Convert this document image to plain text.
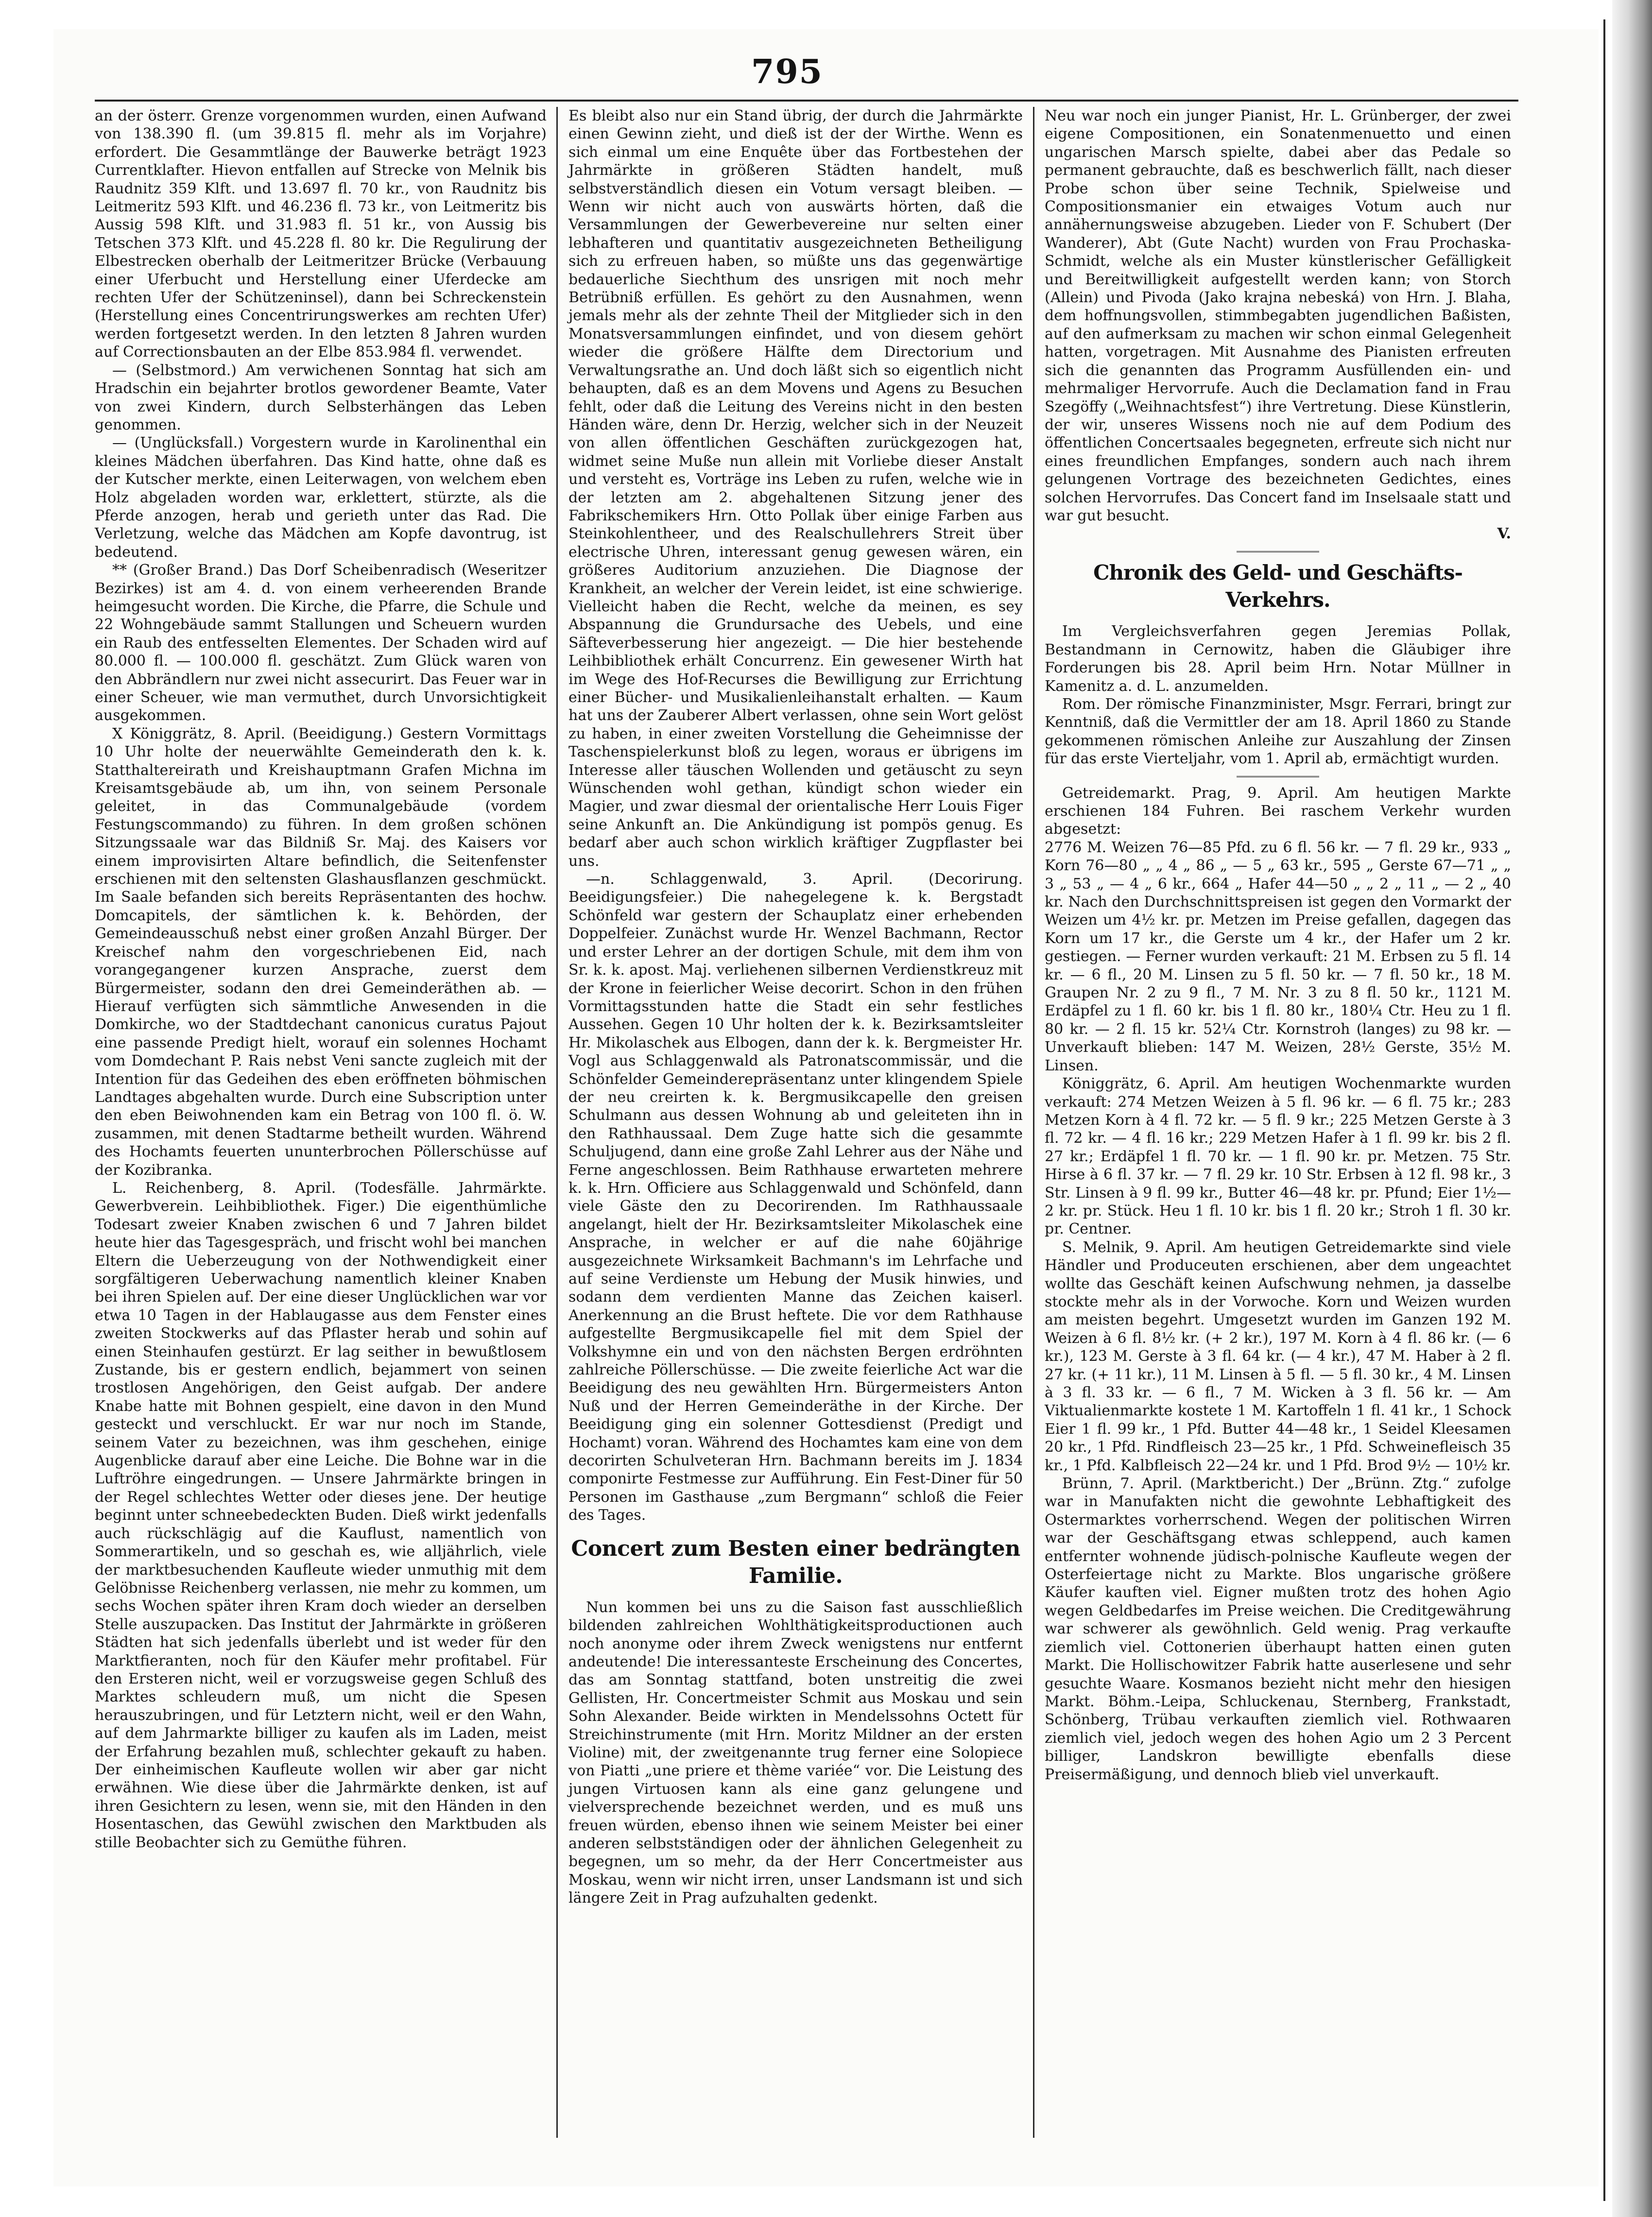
795

an der österr. Grenze vorgenommen wurden, einen Aufwand von 138.390 fl. (um 39.815 fl. mehr als im Vorjahre) erfordert. Die Gesammtlänge der Bauwerke beträgt 1923 Currentklafter. Hievon entfallen auf Strecke von Melnik bis Raudnitz 359 Klft. und 13.697 fl. 70 kr., von Raudnitz bis Leitmeritz 593 Klft. und 46.236 fl. 73 kr., von Leitmeritz bis Aussig 598 Klft. und 31.983 fl. 51 kr., von Aussig bis Tetschen 373 Klft. und 45.228 fl. 80 kr. Die Regulirung der Elbestrecken oberhalb der Leitmeritzer Brücke (Verbauung einer Uferbucht und Herstellung einer Uferdecke am rechten Ufer der Schützeninsel), dann bei Schreckenstein (Herstellung eines Concentrirungswerkes am rechten Ufer) werden fortgesetzt werden. In den letzten 8 Jahren wurden auf Correctionsbauten an der Elbe 853.984 fl. verwendet.

— (Selbstmord.) Am verwichenen Sonntag hat sich am Hradschin ein bejahrter brotlos gewordener Beamte, Vater von zwei Kindern, durch Selbsterhängen das Leben genommen.

— (Unglücksfall.) Vorgestern wurde in Karolinenthal ein kleines Mädchen überfahren. Das Kind hatte, ohne daß es der Kutscher merkte, einen Leiterwagen, von welchem eben Holz abgeladen worden war, erklettert, stürzte, als die Pferde anzogen, herab und gerieth unter das Rad. Die Verletzung, welche das Mädchen am Kopfe davontrug, ist bedeutend.

** (Großer Brand.) Das Dorf Scheibenradisch (Weseritzer Bezirkes) ist am 4. d. von einem verheerenden Brande heimgesucht worden. Die Kirche, die Pfarre, die Schule und 22 Wohngebäude sammt Stallungen und Scheuern wurden ein Raub des entfesselten Elementes. Der Schaden wird auf 80.000 fl. — 100.000 fl. geschätzt. Zum Glück waren von den Abbrändlern nur zwei nicht assecurirt. Das Feuer war in einer Scheuer, wie man vermuthet, durch Unvorsichtigkeit ausgekommen.

X Königgrätz, 8. April. (Beeidigung.) Gestern Vormittags 10 Uhr holte der neuerwählte Gemeinderath den k. k. Statthaltereirath und Kreishauptmann Grafen Michna im Kreisamtsgebäude ab, um ihn, von seinem Personale geleitet, in das Communalgebäude (vordem Festungscommando) zu führen. In dem großen schönen Sitzungssaale war das Bildniß Sr. Maj. des Kaisers vor einem improvisirten Altare befindlich, die Seitenfenster erschienen mit den seltensten Glashausflanzen geschmückt. Im Saale befanden sich bereits Repräsentanten des hochw. Domcapitels, der sämtlichen k. k. Behörden, der Gemeindeausschuß nebst einer großen Anzahl Bürger. Der Kreischef nahm den vorgeschriebenen Eid, nach vorangegangener kurzen Ansprache, zuerst dem Bürgermeister, sodann den drei Gemeinderäthen ab. — Hierauf verfügten sich sämmtliche Anwesenden in die Domkirche, wo der Stadtdechant canonicus curatus Pajout eine passende Predigt hielt, worauf ein solennes Hochamt vom Domdechant P. Rais nebst Veni sancte zugleich mit der Intention für das Gedeihen des eben eröffneten böhmischen Landtages abgehalten wurde. Durch eine Subscription unter den eben Beiwohnenden kam ein Betrag von 100 fl. ö. W. zusammen, mit denen Stadtarme betheilt wurden. Während des Hochamts feuerten ununterbrochen Pöllerschüsse auf der Kozibranka.

L. Reichenberg, 8. April. (Todesfälle. Jahrmärkte. Gewerbverein. Leihbibliothek. Figer.) Die eigenthümliche Todesart zweier Knaben zwischen 6 und 7 Jahren bildet heute hier das Tagesgespräch, und frischt wohl bei manchen Eltern die Ueberzeugung von der Nothwendigkeit einer sorgfältigeren Ueberwachung namentlich kleiner Knaben bei ihren Spielen auf. Der eine dieser Unglücklichen war vor etwa 10 Tagen in der Hablaugasse aus dem Fenster eines zweiten Stockwerks auf das Pflaster herab und sohin auf einen Steinhaufen gestürzt. Er lag seither in bewußtlosem Zustande, bis er gestern endlich, bejammert von seinen trostlosen Angehörigen, den Geist aufgab. Der andere Knabe hatte mit Bohnen gespielt, eine davon in den Mund gesteckt und verschluckt. Er war nur noch im Stande, seinem Vater zu bezeichnen, was ihm geschehen, einige Augenblicke darauf aber eine Leiche. Die Bohne war in die Luftröhre eingedrungen. — Unsere Jahrmärkte bringen in der Regel schlechtes Wetter oder dieses jene. Der heutige beginnt unter schneebedeckten Buden. Dieß wirkt jedenfalls auch rückschlägig auf die Kauflust, namentlich von Sommerartikeln, und so geschah es, wie alljährlich, viele der marktbesuchenden Kaufleute wieder unmuthig mit dem Gelöbnisse Reichenberg verlassen, nie mehr zu kommen, um sechs Wochen später ihren Kram doch wieder an derselben Stelle auszupacken. Das Institut der Jahrmärkte in größeren Städten hat sich jedenfalls überlebt und ist weder für den Marktfieranten, noch für den Käufer mehr profitabel. Für den Ersteren nicht, weil er vorzugsweise gegen Schluß des Marktes schleudern muß, um nicht die Spesen herauszubringen, und für Letztern nicht, weil er den Wahn, auf dem Jahrmarkte billiger zu kaufen als im Laden, meist der Erfahrung bezahlen muß, schlechter gekauft zu haben. Der einheimischen Kaufleute wollen wir aber gar nicht erwähnen. Wie diese über die Jahrmärkte denken, ist auf ihren Gesichtern zu lesen, wenn sie, mit den Händen in den Hosentaschen, das Gewühl zwischen den Marktbuden als stille Beobachter sich zu Gemüthe führen.

Es bleibt also nur ein Stand übrig, der durch die Jahrmärkte einen Gewinn zieht, und dieß ist der der Wirthe. Wenn es sich einmal um eine Enquête über das Fortbestehen der Jahrmärkte in größeren Städten handelt, muß selbstverständlich diesen ein Votum versagt bleiben. — Wenn wir nicht auch von auswärts hörten, daß die Versammlungen der Gewerbevereine nur selten einer lebhafteren und quantitativ ausgezeichneten Betheiligung sich zu erfreuen haben, so müßte uns das gegenwärtige bedauerliche Siechthum des unsrigen mit noch mehr Betrübniß erfüllen. Es gehört zu den Ausnahmen, wenn jemals mehr als der zehnte Theil der Mitglieder sich in den Monatsversammlungen einfindet, und von diesem gehört wieder die größere Hälfte dem Directorium und Verwaltungsrathe an. Und doch läßt sich so eigentlich nicht behaupten, daß es an dem Movens und Agens zu Besuchen fehlt, oder daß die Leitung des Vereins nicht in den besten Händen wäre, denn Dr. Herzig, welcher sich in der Neuzeit von allen öffentlichen Geschäften zurückgezogen hat, widmet seine Muße nun allein mit Vorliebe dieser Anstalt und versteht es, Vorträge ins Leben zu rufen, welche wie in der letzten am 2. abgehaltenen Sitzung jener des Fabrikschemikers Hrn. Otto Pollak über einige Farben aus Steinkohlentheer, und des Realschullehrers Streit über electrische Uhren, interessant genug gewesen wären, ein größeres Auditorium anzuziehen. Die Diagnose der Krankheit, an welcher der Verein leidet, ist eine schwierige. Vielleicht haben die Recht, welche da meinen, es sey Abspannung die Grundursache des Uebels, und eine Säfteverbesserung hier angezeigt. — Die hier bestehende Leihbibliothek erhält Concurrenz. Ein gewesener Wirth hat im Wege des Hof-Recurses die Bewilligung zur Errichtung einer Bücher- und Musikalienleihanstalt erhalten. — Kaum hat uns der Zauberer Albert verlassen, ohne sein Wort gelöst zu haben, in einer zweiten Vorstellung die Geheimnisse der Taschenspielerkunst bloß zu legen, woraus er übrigens im Interesse aller täuschen Wollenden und getäuscht zu seyn Wünschenden wohl gethan, kündigt schon wieder ein Magier, und zwar diesmal der orientalische Herr Louis Figer seine Ankunft an. Die Ankündigung ist pompös genug. Es bedarf aber auch schon wirklich kräftiger Zugpflaster bei uns.

—n. Schlaggenwald, 3. April. (Decorirung. Beeidigungsfeier.) Die nahegelegene k. k. Bergstadt Schönfeld war gestern der Schauplatz einer erhebenden Doppelfeier. Zunächst wurde Hr. Wenzel Bachmann, Rector und erster Lehrer an der dortigen Schule, mit dem ihm von Sr. k. k. apost. Maj. verliehenen silbernen Verdienstkreuz mit der Krone in feierlicher Weise decorirt. Schon in den frühen Vormittagsstunden hatte die Stadt ein sehr festliches Aussehen. Gegen 10 Uhr holten der k. k. Bezirksamtsleiter Hr. Mikolaschek aus Elbogen, dann der k. k. Bergmeister Hr. Vogl aus Schlaggenwald als Patronatscommissär, und die Schönfelder Gemeinderepräsentanz unter klingendem Spiele der neu creirten k. k. Bergmusikcapelle den greisen Schulmann aus dessen Wohnung ab und geleiteten ihn in den Rathhaussaal. Dem Zuge hatte sich die gesammte Schuljugend, dann eine große Zahl Lehrer aus der Nähe und Ferne angeschlossen. Beim Rathhause erwarteten mehrere k. k. Hrn. Officiere aus Schlaggenwald und Schönfeld, dann viele Gäste den zu Decorirenden. Im Rathhaussaale angelangt, hielt der Hr. Bezirksamtsleiter Mikolaschek eine Ansprache, in welcher er auf die nahe 60jährige ausgezeichnete Wirksamkeit Bachmann's im Lehrfache und auf seine Verdienste um Hebung der Musik hinwies, und sodann dem verdienten Manne das Zeichen kaiserl. Anerkennung an die Brust heftete. Die vor dem Rathhause aufgestellte Bergmusikcapelle fiel mit dem Spiel der Volkshymne ein und von den nächsten Bergen erdröhnten zahlreiche Pöllerschüsse. — Die zweite feierliche Act war die Beeidigung des neu gewählten Hrn. Bürgermeisters Anton Nuß und der Herren Gemeinderäthe in der Kirche. Der Beeidigung ging ein solenner Gottesdienst (Predigt und Hochamt) voran. Während des Hochamtes kam eine von dem decorirten Schulveteran Hrn. Bachmann bereits im J. 1834 componirte Festmesse zur Aufführung. Ein Fest-Diner für 50 Personen im Gasthause „zum Bergmann“ schloß die Feier des Tages.

Concert zum Besten einer bedrängten Familie.

Nun kommen bei uns zu die Saison fast ausschließlich bildenden zahlreichen Wohlthätigkeitsproductionen auch noch anonyme oder ihrem Zweck wenigstens nur entfernt andeutende! Die interessanteste Erscheinung des Concertes, das am Sonntag stattfand, boten unstreitig die zwei Gellisten, Hr. Concertmeister Schmit aus Moskau und sein Sohn Alexander. Beide wirkten in Mendelssohns Octett für Streichinstrumente (mit Hrn. Moritz Mildner an der ersten Violine) mit, der zweitgenannte trug ferner eine Solopiece von Piatti „une priere et thème variée“ vor. Die Leistung des jungen Virtuosen kann als eine ganz gelungene und vielversprechende bezeichnet werden, und es muß uns freuen würden, ebenso ihnen wie seinem Meister bei einer anderen selbstständigen oder der ähnlichen Gelegenheit zu begegnen, um so mehr, da der Herr Concertmeister aus Moskau, wenn wir nicht irren, unser Landsmann ist und sich längere Zeit in Prag aufzuhalten gedenkt.

Neu war noch ein junger Pianist, Hr. L. Grünberger, der zwei eigene Compositionen, ein Sonatenmenuetto und einen ungarischen Marsch spielte, dabei aber das Pedale so permanent gebrauchte, daß es beschwerlich fällt, nach dieser Probe schon über seine Technik, Spielweise und Compositionsmanier ein etwaiges Votum auch nur annähernungsweise abzugeben. Lieder von F. Schubert (Der Wanderer), Abt (Gute Nacht) wurden von Frau Prochaska-Schmidt, welche als ein Muster künstlerischer Gefälligkeit und Bereitwilligkeit aufgestellt werden kann; von Storch (Allein) und Pivoda (Jako krajna nebeská) von Hrn. J. Blaha, dem hoffnungsvollen, stimmbegabten jugendlichen Baßisten, auf den aufmerksam zu machen wir schon einmal Gelegenheit hatten, vorgetragen. Mit Ausnahme des Pianisten erfreuten sich die genannten das Programm Ausfüllenden ein- und mehrmaliger Hervorrufe. Auch die Declamation fand in Frau Szegöffy („Weihnachtsfest“) ihre Vertretung. Diese Künstlerin, der wir, unseres Wissens noch nie auf dem Podium des öffentlichen Concertsaales begegneten, erfreute sich nicht nur eines freundlichen Empfanges, sondern auch nach ihrem gelungenen Vortrage des bezeichneten Gedichtes, eines solchen Hervorrufes. Das Concert fand im Inselsaale statt und war gut besucht.

V.

Chronik des Geld- und Geschäfts-Verkehrs.

Im Vergleichsverfahren gegen Jeremias Pollak, Bestandmann in Cernowitz, haben die Gläubiger ihre Forderungen bis 28. April beim Hrn. Notar Müllner in Kamenitz a. d. L. anzumelden.

Rom. Der römische Finanzminister, Msgr. Ferrari, bringt zur Kenntniß, daß die Vermittler der am 18. April 1860 zu Stande gekommenen römischen Anleihe zur Auszahlung der Zinsen für das erste Vierteljahr, vom 1. April ab, ermächtigt wurden.

Getreidemarkt. Prag, 9. April. Am heutigen Markte erschienen 184 Fuhren. Bei raschem Verkehr wurden abgesetzt:

2776 M. Weizen 76—85 Pfd. zu 6 fl. 56 kr. — 7 fl. 29 kr., 933 „ Korn 76—80 „ „ 4 „ 86 „ — 5 „ 63 kr., 595 „ Gerste 67—71 „ „ 3 „ 53 „ — 4 „ 6 kr., 664 „ Hafer 44—50 „ „ 2 „ 11 „ — 2 „ 40 kr. Nach den Durchschnittspreisen ist gegen den Vormarkt der Weizen um 4½ kr. pr. Metzen im Preise gefallen, dagegen das Korn um 17 kr., die Gerste um 4 kr., der Hafer um 2 kr. gestiegen. — Ferner wurden verkauft: 21 M. Erbsen zu 5 fl. 14 kr. — 6 fl., 20 M. Linsen zu 5 fl. 50 kr. — 7 fl. 50 kr., 18 M. Graupen Nr. 2 zu 9 fl., 7 M. Nr. 3 zu 8 fl. 50 kr., 1121 M. Erdäpfel zu 1 fl. 60 kr. bis 1 fl. 80 kr., 180¼ Ctr. Heu zu 1 fl. 80 kr. — 2 fl. 15 kr. 52¼ Ctr. Kornstroh (langes) zu 98 kr. — Unverkauft blieben: 147 M. Weizen, 28½ Gerste, 35½ M. Linsen.

Königgrätz, 6. April. Am heutigen Wochenmarkte wurden verkauft: 274 Metzen Weizen à 5 fl. 96 kr. — 6 fl. 75 kr.; 283 Metzen Korn à 4 fl. 72 kr. — 5 fl. 9 kr.; 225 Metzen Gerste à 3 fl. 72 kr. — 4 fl. 16 kr.; 229 Metzen Hafer à 1 fl. 99 kr. bis 2 fl. 27 kr.; Erdäpfel 1 fl. 70 kr. — 1 fl. 90 kr. pr. Metzen. 75 Str. Hirse à 6 fl. 37 kr. — 7 fl. 29 kr. 10 Str. Erbsen à 12 fl. 98 kr., 3 Str. Linsen à 9 fl. 99 kr., Butter 46—48 kr. pr. Pfund; Eier 1½—2 kr. pr. Stück. Heu 1 fl. 10 kr. bis 1 fl. 20 kr.; Stroh 1 fl. 30 kr. pr. Centner.

S. Melnik, 9. April. Am heutigen Getreidemarkte sind viele Händler und Produceuten erschienen, aber dem ungeachtet wollte das Geschäft keinen Aufschwung nehmen, ja dasselbe stockte mehr als in der Vorwoche. Korn und Weizen wurden am meisten begehrt. Umgesetzt wurden im Ganzen 192 M. Weizen à 6 fl. 8½ kr. (+ 2 kr.), 197 M. Korn à 4 fl. 86 kr. (— 6 kr.), 123 M. Gerste à 3 fl. 64 kr. (— 4 kr.), 47 M. Haber à 2 fl. 27 kr. (+ 11 kr.), 11 M. Linsen à 5 fl. — 5 fl. 30 kr., 4 M. Linsen à 3 fl. 33 kr. — 6 fl., 7 M. Wicken à 3 fl. 56 kr. — Am Viktualienmarkte kostete 1 M. Kartoffeln 1 fl. 41 kr., 1 Schock Eier 1 fl. 99 kr., 1 Pfd. Butter 44—48 kr., 1 Seidel Kleesamen 20 kr., 1 Pfd. Rindfleisch 23—25 kr., 1 Pfd. Schweinefleisch 35 kr., 1 Pfd. Kalbfleisch 22—24 kr. und 1 Pfd. Brod 9½ — 10½ kr.

Brünn, 7. April. (Marktbericht.) Der „Brünn. Ztg.“ zufolge war in Manufakten nicht die gewohnte Lebhaftigkeit des Ostermarktes vorherrschend. Wegen der politischen Wirren war der Geschäftsgang etwas schleppend, auch kamen entfernter wohnende jüdisch-polnische Kaufleute wegen der Osterfeiertage nicht zu Markte. Blos ungarische größere Käufer kauften viel. Eigner mußten trotz des hohen Agio wegen Geldbedarfes im Preise weichen. Die Creditgewährung war schwerer als gewöhnlich. Geld wenig. Prag verkaufte ziemlich viel. Cottonerien überhaupt hatten einen guten Markt. Die Hollischowitzer Fabrik hatte auserlesene und sehr gesuchte Waare. Kosmanos bezieht nicht mehr den hiesigen Markt. Böhm.-Leipa, Schluckenau, Sternberg, Frankstadt, Schönberg, Trübau verkauften ziemlich viel. Rothwaaren ziemlich viel, jedoch wegen des hohen Agio um 2 3 Percent billiger, Landskron bewilligte ebenfalls diese Preisermäßigung, und dennoch blieb viel unverkauft.
